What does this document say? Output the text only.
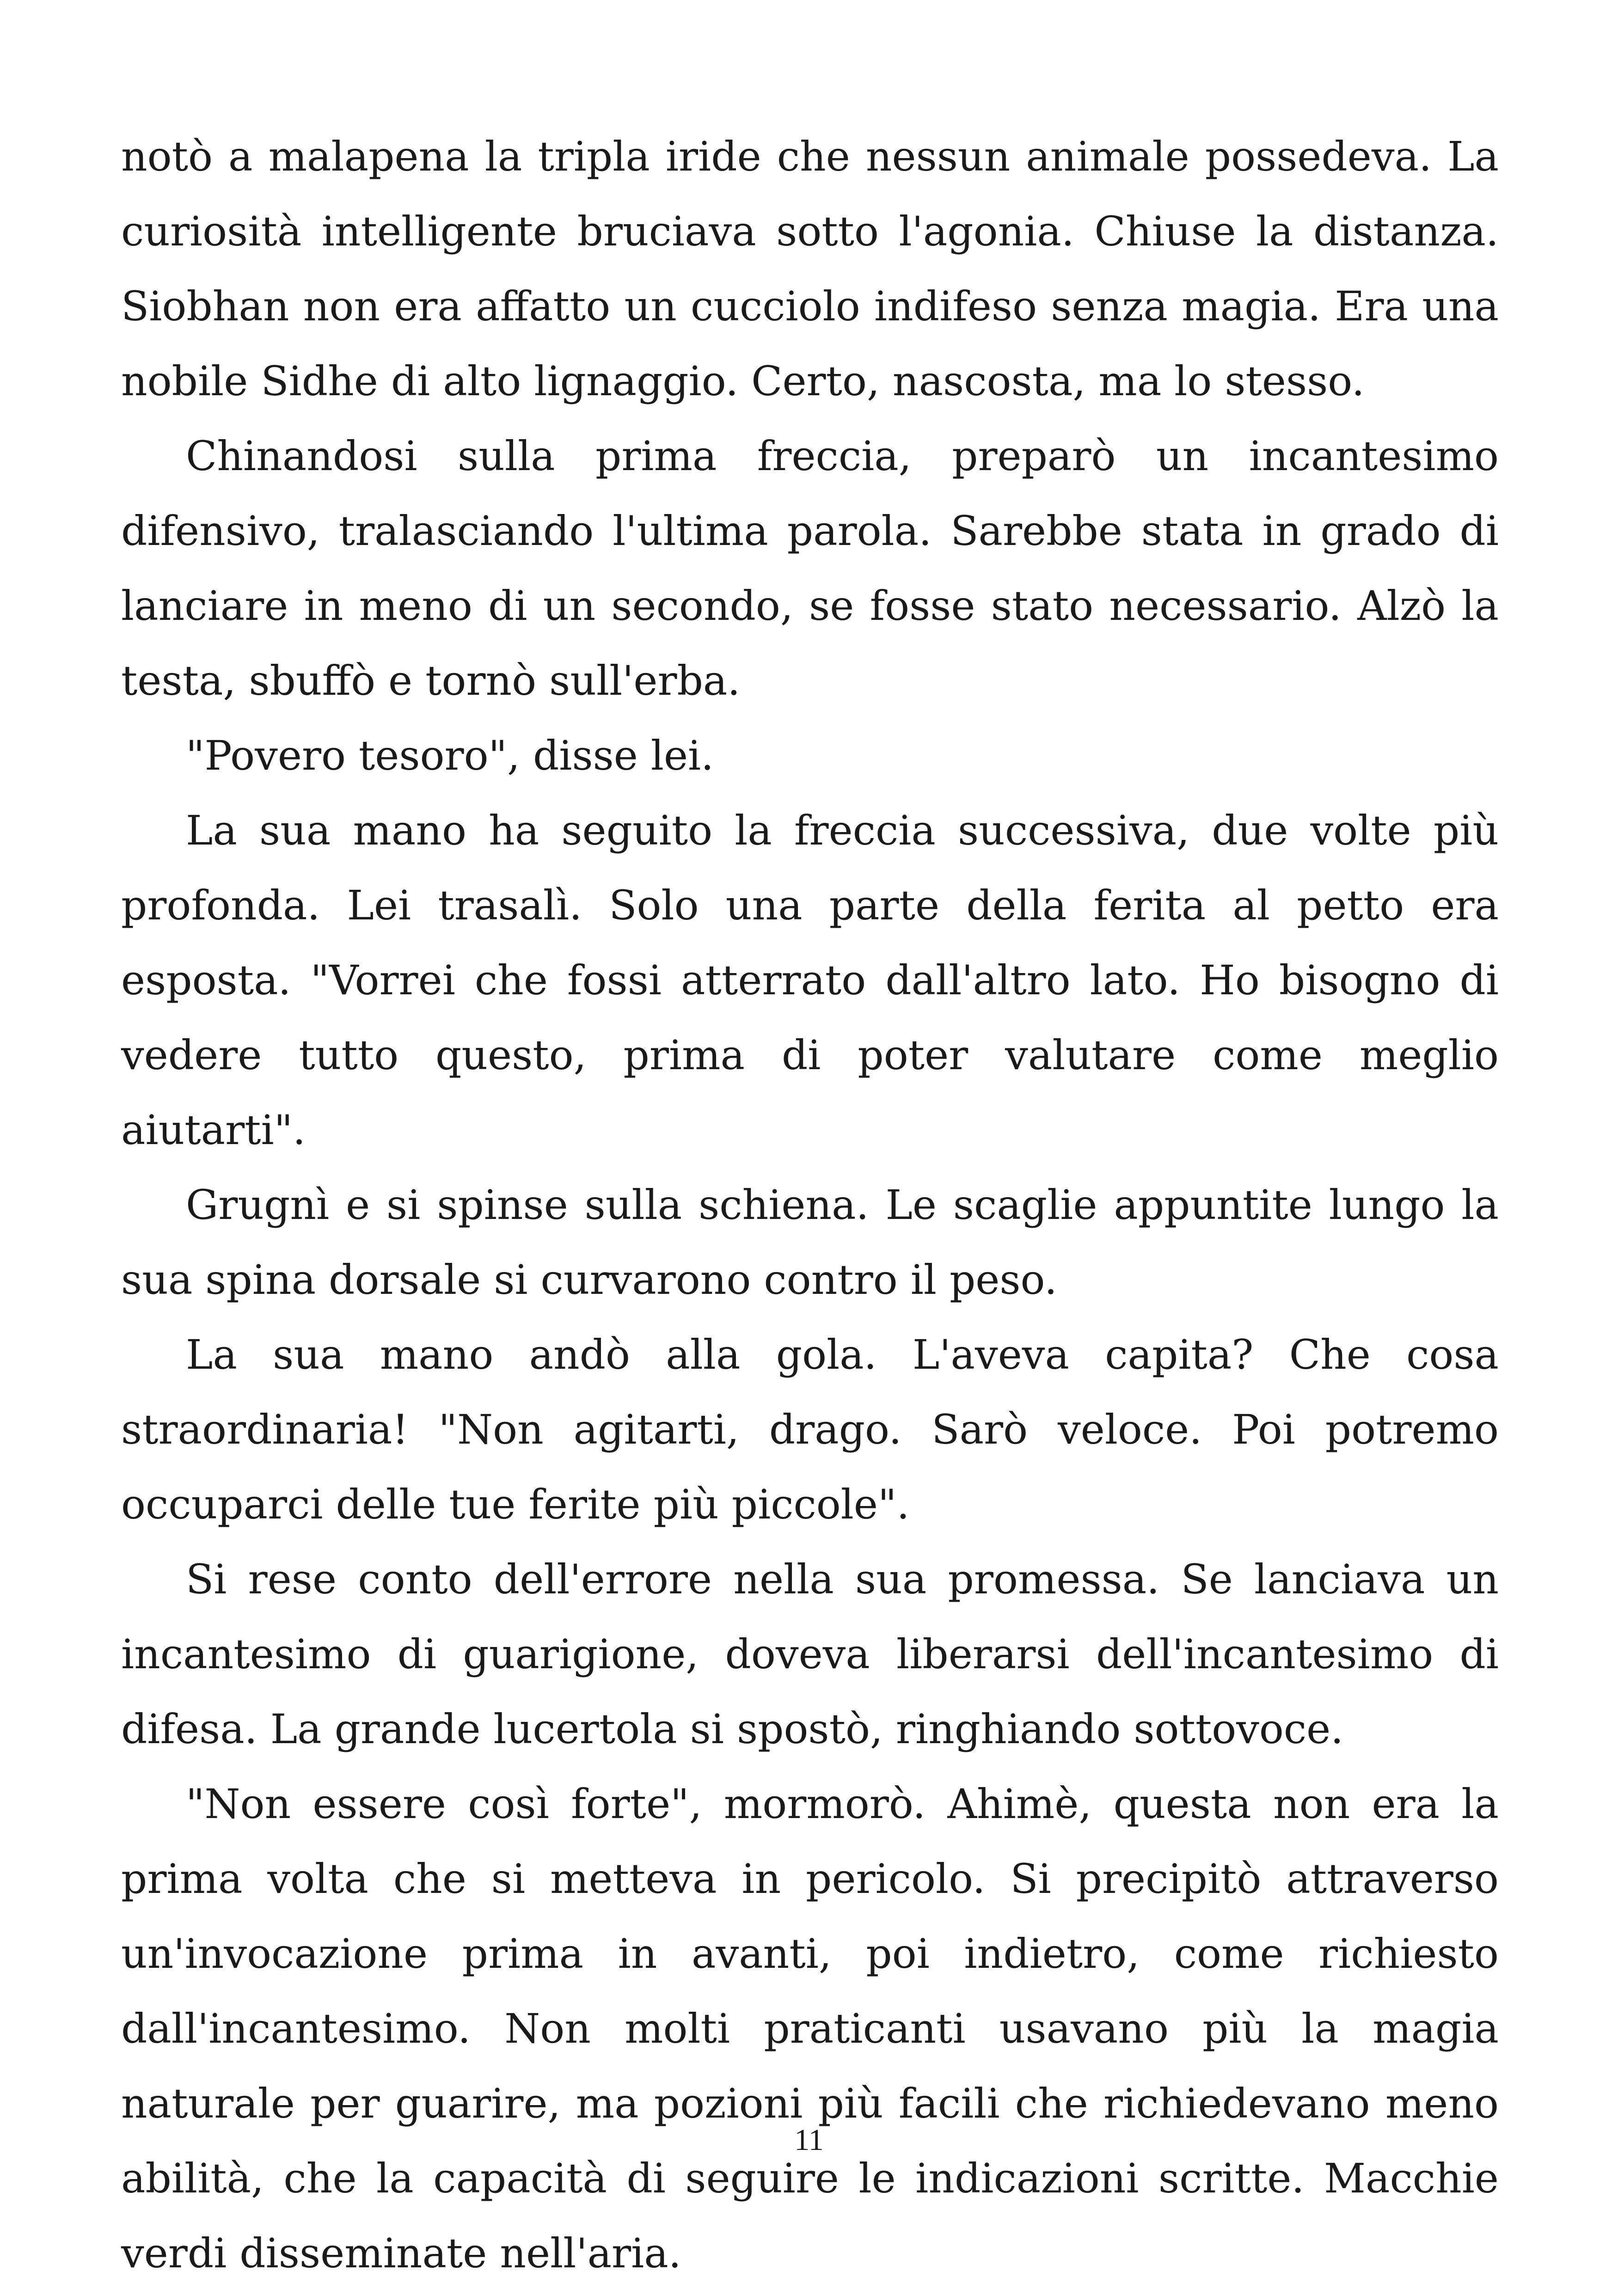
notò a malapena la tripla iride che nessun animale possedeva. La curiosità intelligente bruciava sotto l'agonia. Chiuse la distanza. Siobhan non era affatto un cucciolo indifeso senza magia. Era una nobile Sidhe di alto lignaggio. Certo, nascosta, ma lo stesso.

Chinandosi sulla prima freccia, preparò un incantesimo difensivo, tralasciando l'ultima parola. Sarebbe stata in grado di lanciare in meno di un secondo, se fosse stato necessario. Alzò la testa, sbuffò e tornò sull'erba.

"Povero tesoro", disse lei.

La sua mano ha seguito la freccia successiva, due volte più profonda. Lei trasalì. Solo una parte della ferita al petto era esposta. "Vorrei che fossi atterrato dall'altro lato. Ho bisogno di vedere tutto questo, prima di poter valutare come meglio aiutarti".

Grugnì e si spinse sulla schiena. Le scaglie appuntite lungo la sua spina dorsale si curvarono contro il peso.

La sua mano andò alla gola. L'aveva capita? Che cosa straordinaria! "Non agitarti, drago. Sarò veloce. Poi potremo occuparci delle tue ferite più piccole".

Si rese conto dell'errore nella sua promessa. Se lanciava un incantesimo di guarigione, doveva liberarsi dell'incantesimo di difesa. La grande lucertola si spostò, ringhiando sottovoce.

"Non essere così forte", mormorò. Ahimè, questa non era la prima volta che si metteva in pericolo. Si precipitò attraverso un'invocazione prima in avanti, poi indietro, come richiesto dall'incantesimo. Non molti praticanti usavano più la magia naturale per guarire, ma pozioni più facili che richiedevano meno abilità, che la capacità di seguire le indicazioni scritte. Macchie verdi disseminate nell'aria.

11
